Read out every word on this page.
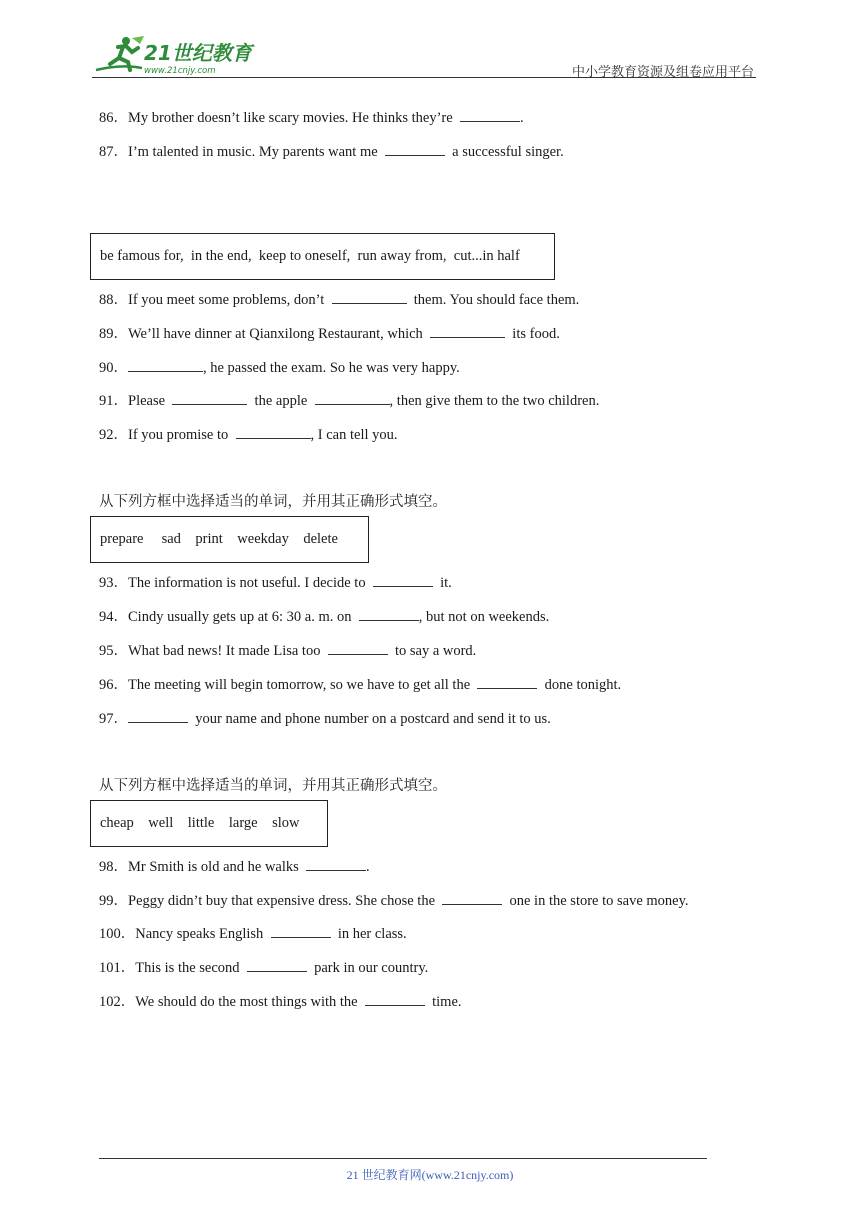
21世纪教育
www.21cnjy.com	中小学教育资源及组卷应用平台
86．My brother doesn’t like scary movies. He thinks they’re	.
87．I’m talented in music. My parents want me	a successful singer.
be famous for,  in the end,  keep to oneself,  run away from,  cut...in half
88．If you meet some problems, don’t	them. You should face them.
89．We’ll have dinner at Qianxilong Restaurant, which	its food.
90．	, he passed the exam. So he was very happy.
91．Please	the apple	, then give them to the two children.
92．If you promise to	, I can tell you.
从下列方框中选择适当的单词，并用其正确形式填空。
prepare     sad    print    weekday    delete
93．The information is not useful. I decide to	it.
94．Cindy usually gets up at 6: 30 a. m. on	, but not on weekends.
95．What bad news! It made Lisa too	to say a word.
96．The meeting will begin tomorrow, so we have to get all the	done tonight.
97．	your name and phone number on a postcard and send it to us.
从下列方框中选择适当的单词，并用其正确形式填空。
cheap    well    little    large    slow
98．Mr Smith is old and he walks	.
99．Peggy didn’t buy that expensive dress. She chose the	one in the store to save money.
100．Nancy speaks English	in her class.
101．This is the second	park in our country.
102．We should do the most things with the	time.
21 世纪教育网(www.21cnjy.com)
